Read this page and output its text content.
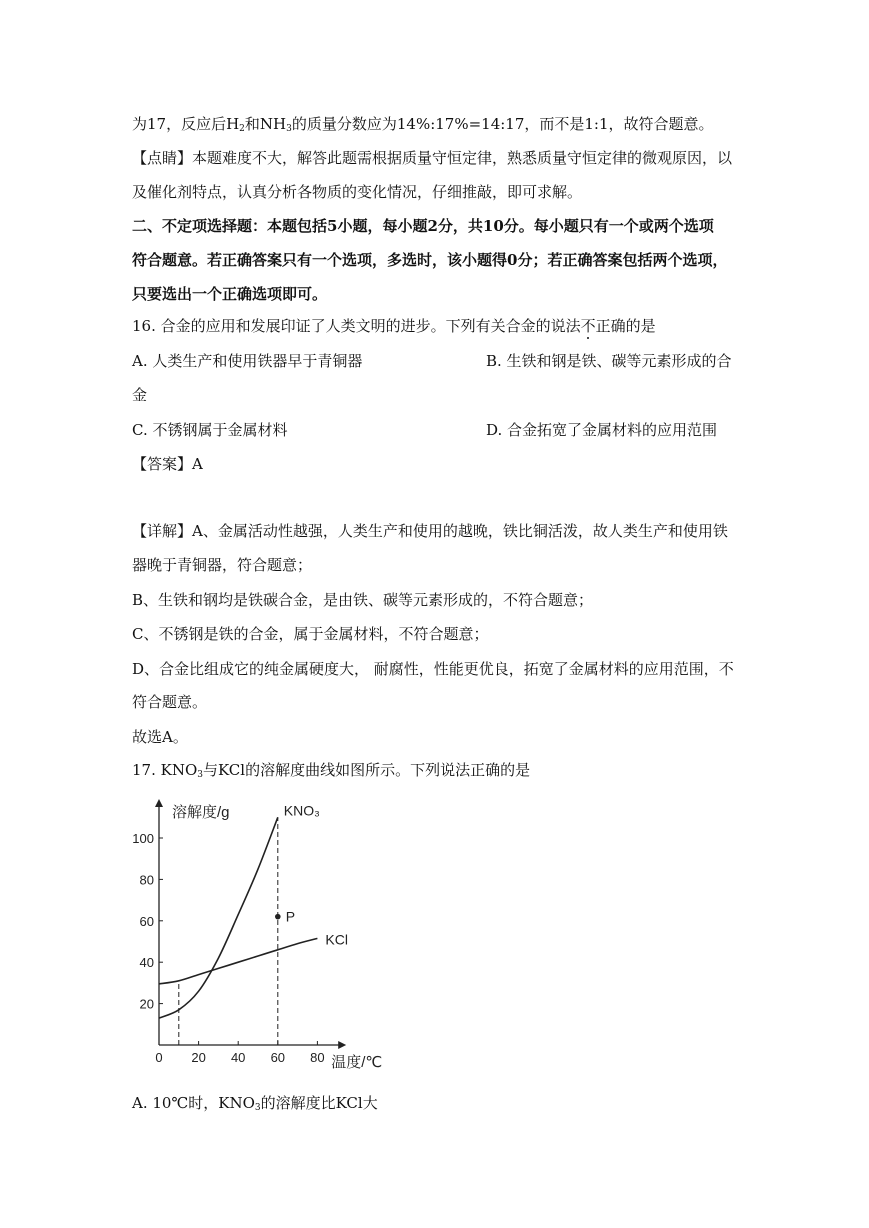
为17，反应后$H_2$和$NH_3$的质量分数应为14%:17%=14:17，而不是1:1，故符合题意。
【点睛】本题难度不大，解答此题需根据质量守恒定律，熟悉质量守恒定律的微观原因，以
及催化剂特点，认真分析各物质的变化情况，仔细推敲，即可求解。
二、不定项选择题：本题包括5小题，每小题2分，共10分。每小题只有一个或两个选项
符合题意。若正确答案只有一个选项，多选时，该小题得0分；若正确答案包括两个选项，
只要选出一个正确选项即可。
16. 合金的应用和发展印证了人类文明的进步。下列有关合金的说法不正确的是
A. 人类生产和使用铁器早于青铜器	B. 生铁和钢是铁、碳等元素形成的合
金
C. 不锈钢属于金属材料	D. 合金拓宽了金属材料的应用范围
【答案】A
【详解】A、金属活动性越强，人类生产和使用的越晚，铁比铜活泼，故人类生产和使用铁
器晚于青铜器，符合题意；
B、生铁和钢均是铁碳合金，是由铁、碳等元素形成的，不符合题意；
C、不锈钢是铁的合金，属于金属材料，不符合题意；
D、合金比组成它的纯金属硬度大， 耐腐性，性能更优良，拓宽了金属材料的应用范围，不
符合题意。
故选A。
17. $KNO_3$与KCl的溶解度曲线如图所示。下列说法正确的是
20
40
60
80
100
0 20 40 60 80
溶解度/g
温度/℃
KNO₃
KCl
P
A. 10℃时，$KNO_3$的溶解度比KCl大
